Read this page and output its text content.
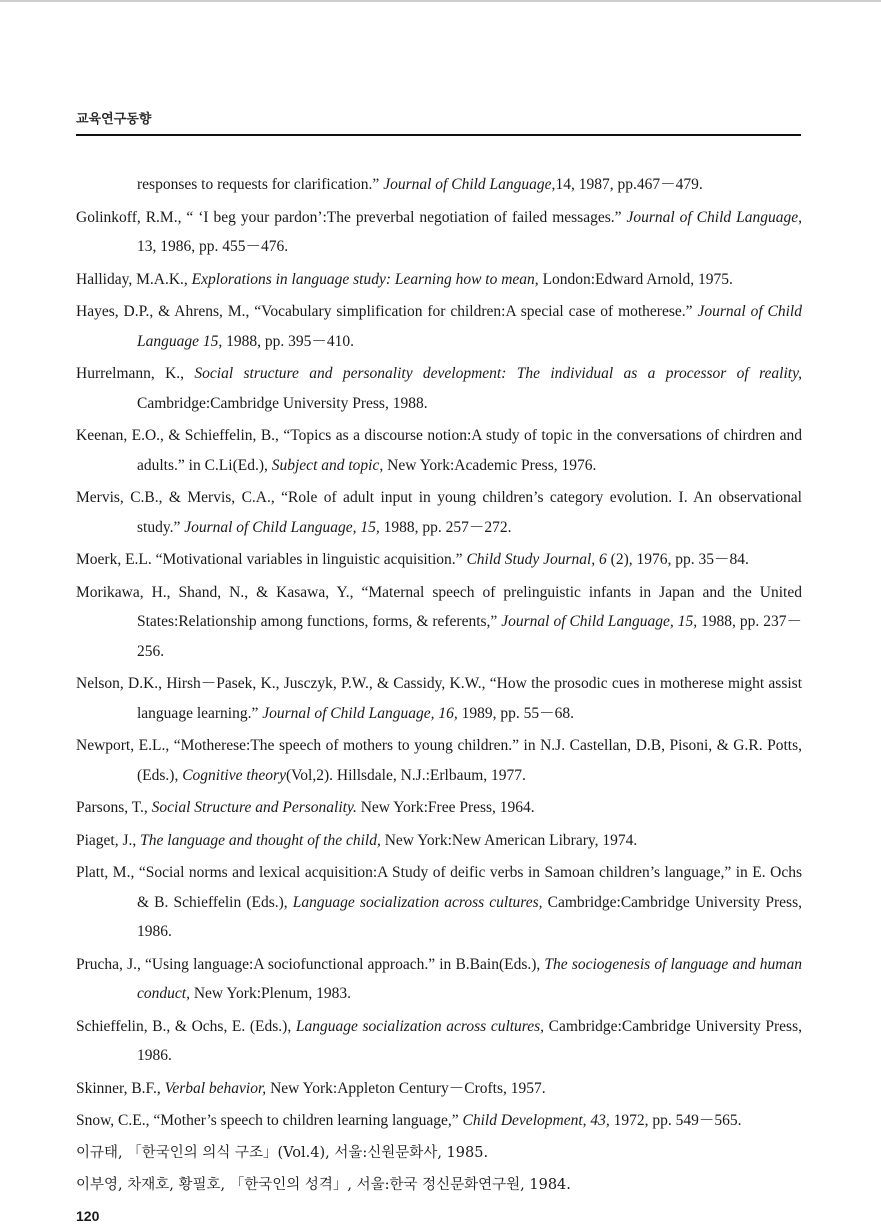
교육연구동향

responses to requests for clarification.” Journal of Child Language,14, 1987, pp.467－479.

Golinkoff, R.M., “ ‘I beg your pardon’:The preverbal negotiation of failed messages.” Journal of Child Language, 13, 1986, pp. 455－476.

Halliday, M.A.K., Explorations in language study: Learning how to mean, London:Edward Arnold, 1975.

Hayes, D.P., & Ahrens, M., “Vocabulary simplification for children:A special case of motherese.” Journal of Child Language 15, 1988, pp. 395－410.

Hurrelmann, K., Social structure and personality development: The individual as a processor of reality, Cambridge:Cambridge University Press, 1988.

Keenan, E.O., & Schieffelin, B., “Topics as a discourse notion:A study of topic in the conversations of chirdren and adults.” in C.Li(Ed.), Subject and topic, New York:Academic Press, 1976.

Mervis, C.B., & Mervis, C.A., “Role of adult input in young children’s category evolution. I. An observational study.” Journal of Child Language, 15, 1988, pp. 257－272.

Moerk, E.L. “Motivational variables in linguistic acquisition.” Child Study Journal, 6 (2), 1976, pp. 35－84.

Morikawa, H., Shand, N., & Kasawa, Y., “Maternal speech of prelinguistic infants in Japan and the United States:Relationship among functions, forms, & referents,” Journal of Child Language, 15, 1988, pp. 237－256.

Nelson, D.K., Hirsh－Pasek, K., Jusczyk, P.W., & Cassidy, K.W., “How the prosodic cues in motherese might assist language learning.” Journal of Child Language, 16, 1989, pp. 55－68.

Newport, E.L., “Motherese:The speech of mothers to young children.” in N.J. Castellan, D.B, Pisoni, & G.R. Potts, (Eds.), Cognitive theory(Vol,2). Hillsdale, N.J.:Erlbaum, 1977.

Parsons, T., Social Structure and Personality. New York:Free Press, 1964.

Piaget, J., The language and thought of the child, New York:New American Library, 1974.

Platt, M., “Social norms and lexical acquisition:A Study of deific verbs in Samoan children’s language,” in E. Ochs & B. Schieffelin (Eds.), Language socialization across cultures, Cambridge:Cambridge University Press, 1986.

Prucha, J., “Using language:A sociofunctional approach.” in B.Bain(Eds.), The sociogenesis of language and human conduct, New York:Plenum, 1983.

Schieffelin, B., & Ochs, E. (Eds.), Language socialization across cultures, Cambridge:Cambridge University Press, 1986.

Skinner, B.F., Verbal behavior, New York:Appleton Century－Crofts, 1957.

Snow, C.E., “Mother’s speech to children learning language,” Child Development, 43, 1972, pp. 549－565.

이규태, 「한국인의 의식 구조」(Vol.4), 서울:신원문화사, 1985.

이부영, 차재호, 황필호, 「한국인의 성격」, 서울:한국 정신문화연구원, 1984.

120
